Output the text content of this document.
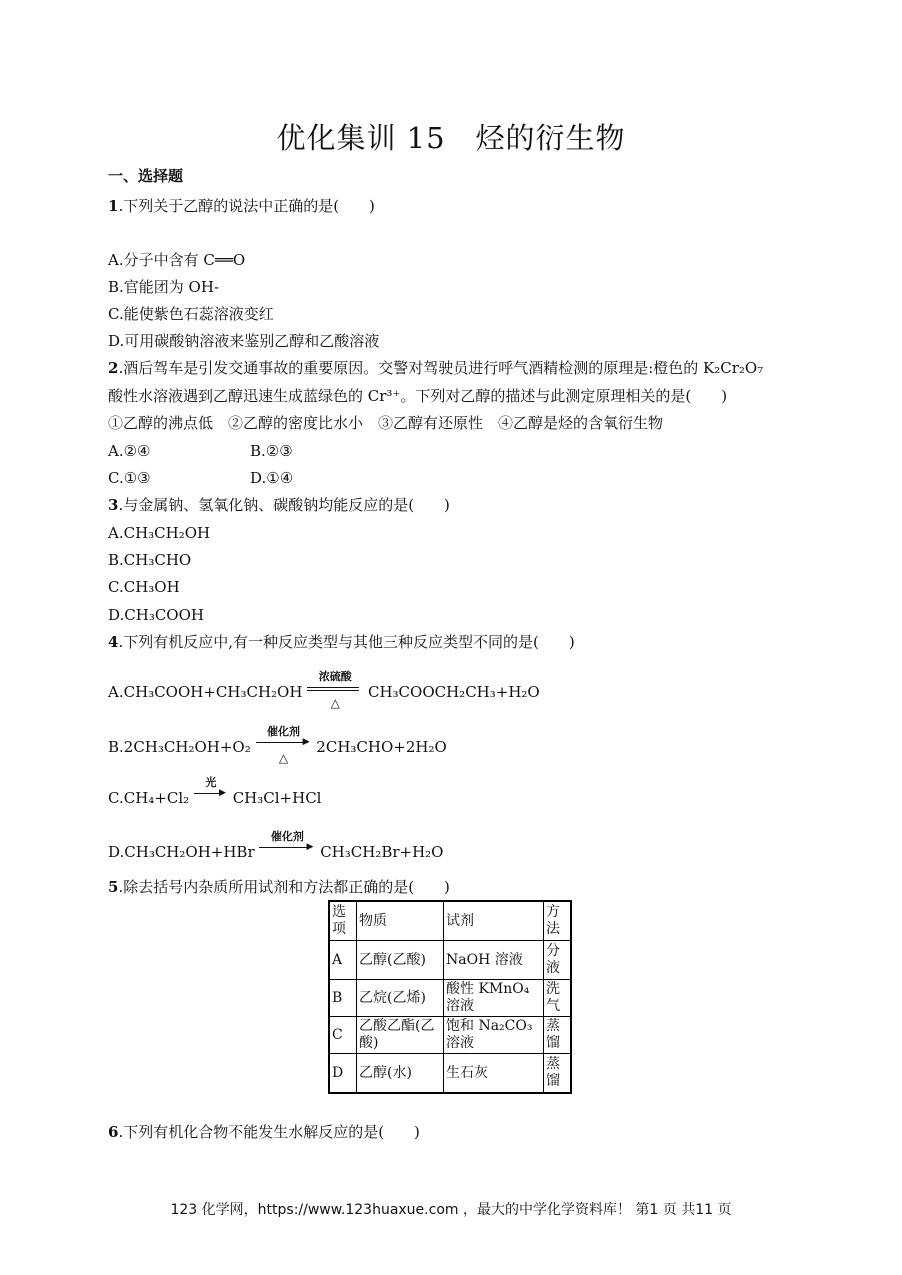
优化集训 15　烃的衍生物
一、选择题
1.下列关于乙醇的说法中正确的是(　　)
A.分子中含有 C══O
B.官能团为 OH-
C.能使紫色石蕊溶液变红
D.可用碳酸钠溶液来鉴别乙醇和乙酸溶液
2.酒后驾车是引发交通事故的重要原因。交警对驾驶员进行呼气酒精检测的原理是:橙色的 K₂Cr₂O₇
酸性水溶液遇到乙醇迅速生成蓝绿色的 Cr³⁺。下列对乙醇的描述与此测定原理相关的是(　　)
①乙醇的沸点低　②乙醇的密度比水小　③乙醇有还原性　④乙醇是烃的含氧衍生物
A.②④	B.②③
C.①③	D.①④
3.与金属钠、氢氧化钠、碳酸钠均能反应的是(　　)
A.CH₃CH₂OH
B.CH₃CHO
C.CH₃OH
D.CH₃COOH
4.下列有机反应中,有一种反应类型与其他三种反应类型不同的是(　　)
A.CH₃COOH+CH₃CH₂OH
浓硫酸
△
CH₃COOCH₂CH₃+H₂O
B.2CH₃CH₂OH+O₂
催化剂
▶
△
2CH₃CHO+2H₂O
C.CH₄+Cl₂
光
▶ CH₃Cl+HCl
D.CH₃CH₂OH+HBr
催化剂
▶ CH₃CH₂Br+H₂O
5.除去括号内杂质所用试剂和方法都正确的是(　　)
选项	物质	试剂	方法
A	乙醇(乙酸)	NaOH 溶液	分液
B	乙烷(乙烯)	酸性 KMnO₄ 溶液	洗气
C	乙酸乙酯(乙酸)	饱和 Na₂CO₃ 溶液	蒸馏
D	乙醇(水)	生石灰	蒸馏
6.下列有机化合物不能发生水解反应的是(　　)
123 化学网，https://www.123huaxue.com ，最大的中学化学资料库！ 第1 页 共11 页
